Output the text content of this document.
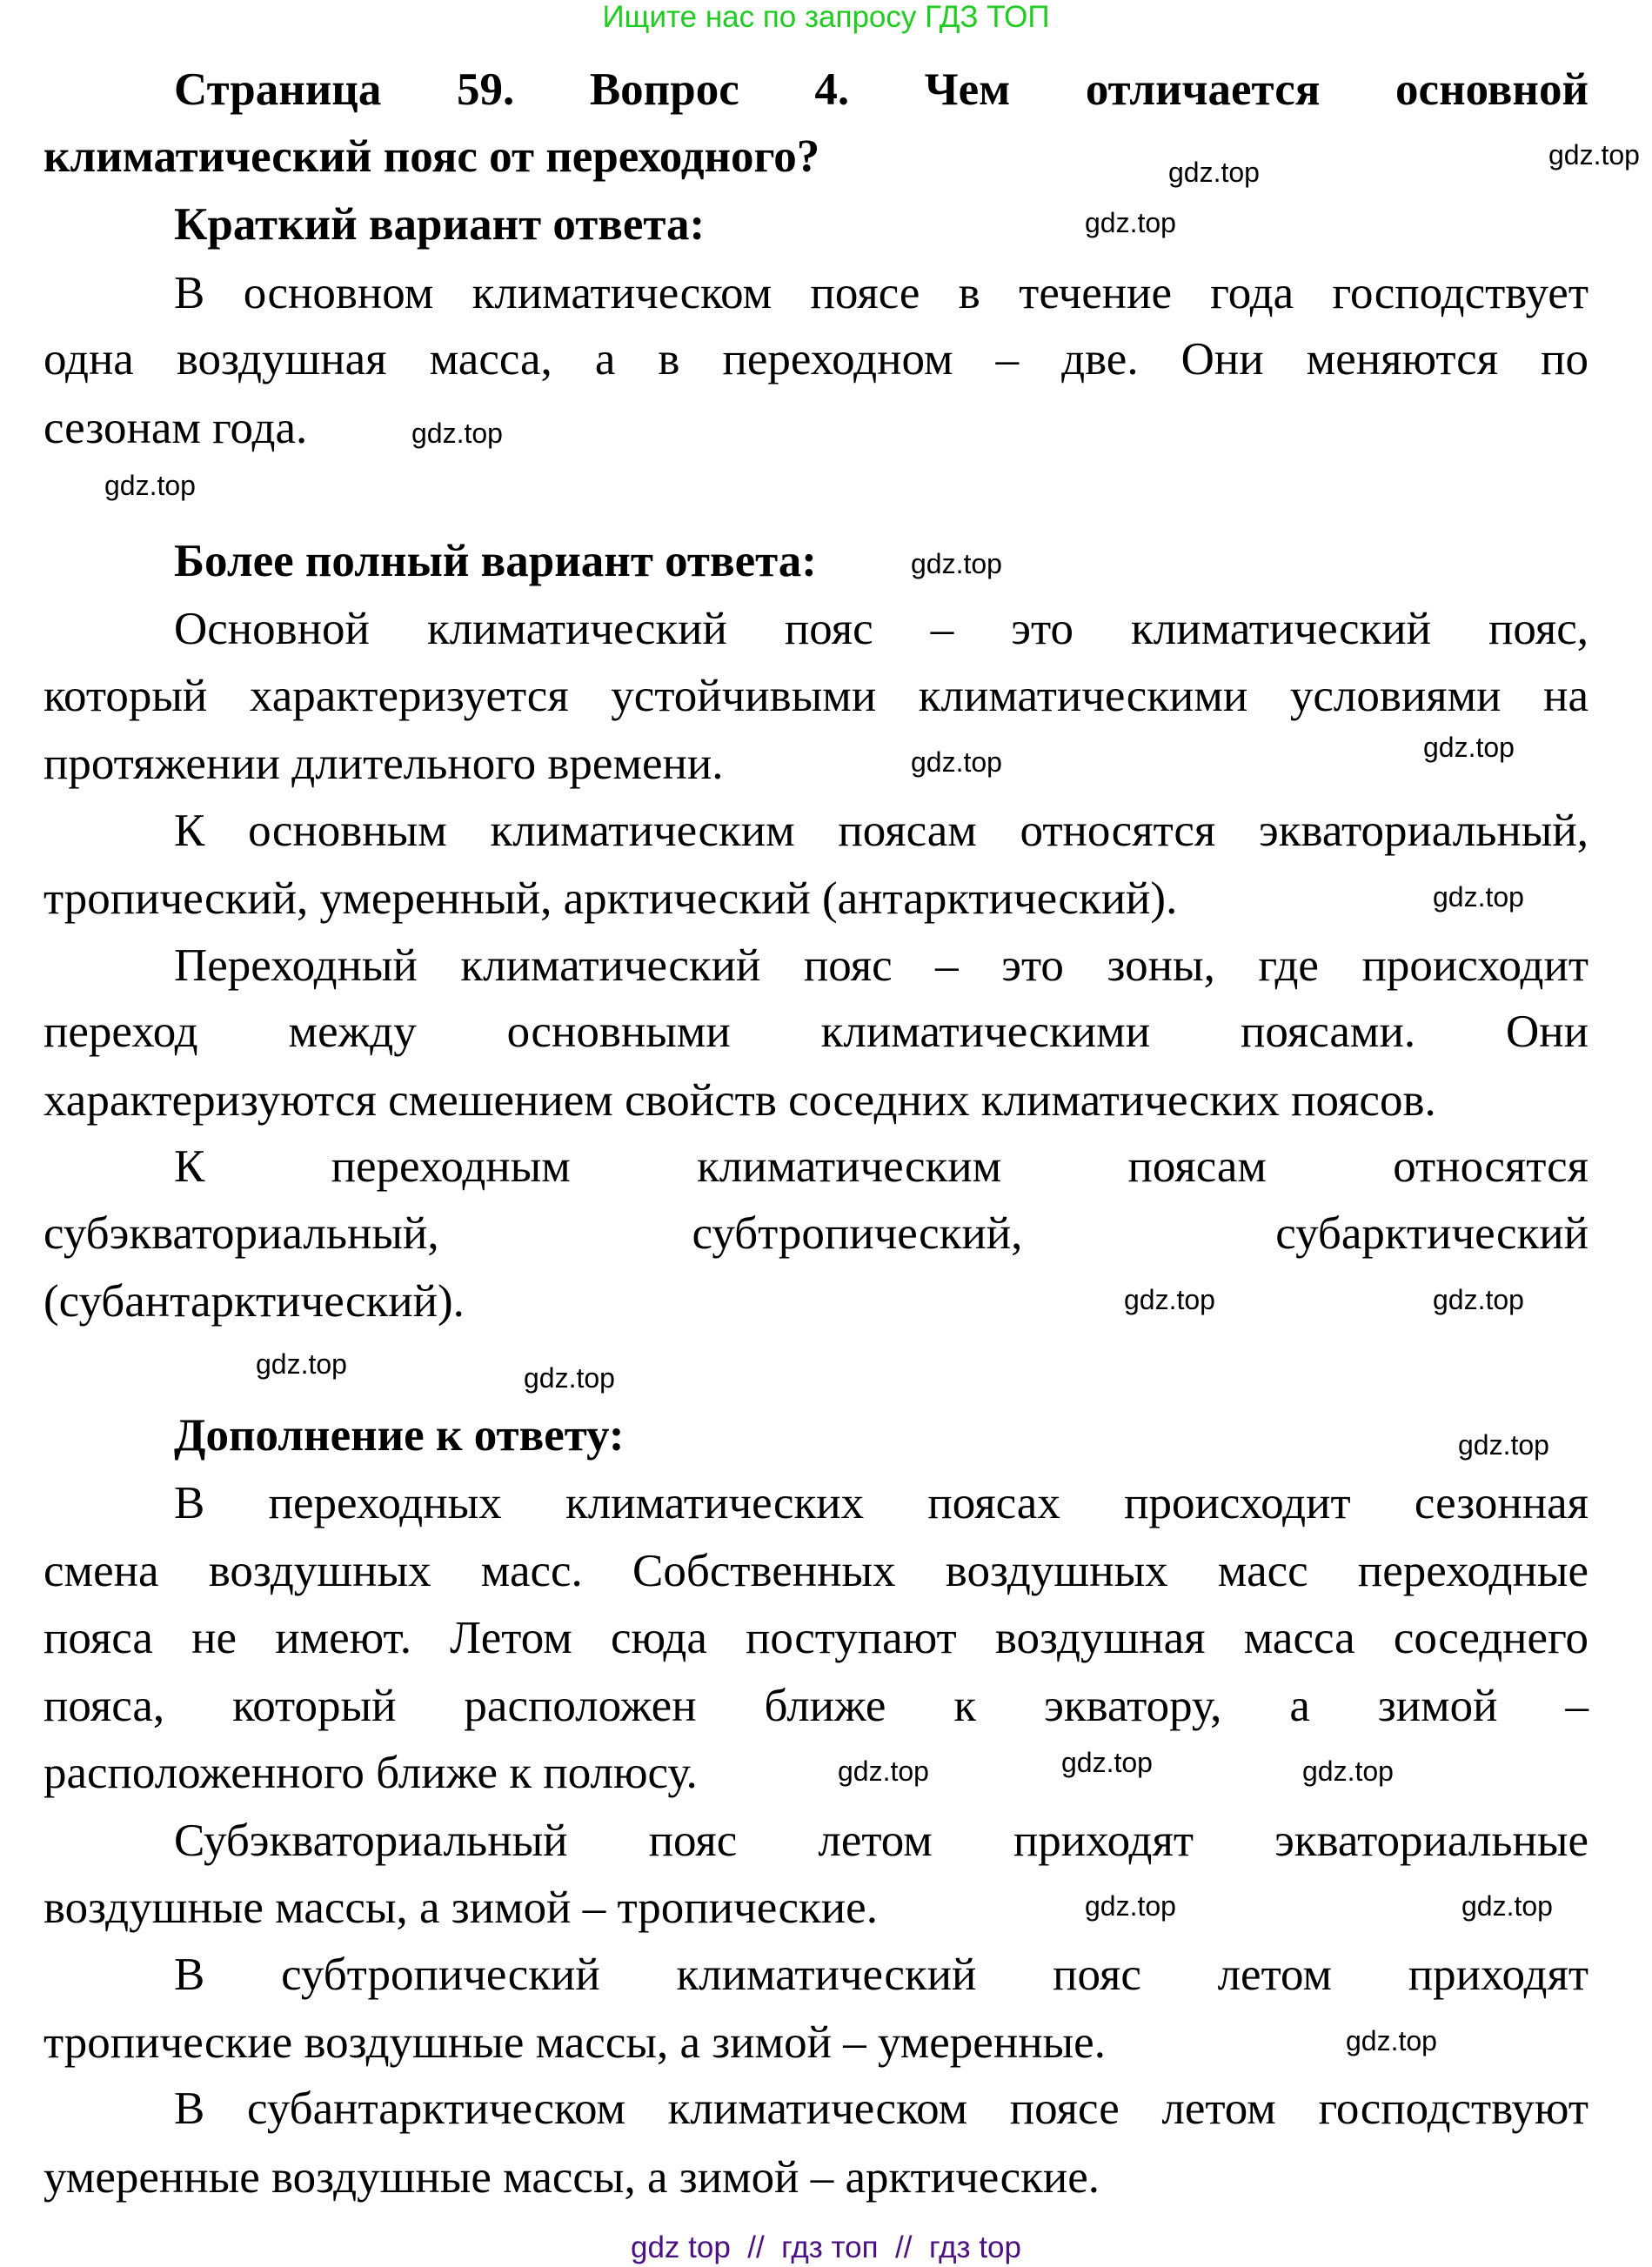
Ищите нас по запросу ГДЗ ТОП
Страница 59. Вопрос 4. Чем отличается основной
климатический пояс от переходного?
Краткий вариант ответа:
В основном климатическом поясе в течение года господствует
одна воздушная масса, а в переходном – две. Они меняются по
сезонам года.
Более полный вариант ответа:
Основной климатический пояс – это климатический пояс,
который характеризуется устойчивыми климатическими условиями на
протяжении длительного времени.
К основным климатическим поясам относятся экваториальный,
тропический, умеренный, арктический (антарктический).
Переходный климатический пояс – это зоны, где происходит
переход между основными климатическими поясами. Они
характеризуются смешением свойств соседних климатических поясов.
К переходным климатическим поясам относятся
субэкваториальный, субтропический, субарктический
(субантарктический).
Дополнение к ответу:
В переходных климатических поясах происходит сезонная
смена воздушных масс. Собственных воздушных масс переходные
пояса не имеют. Летом сюда поступают воздушная масса соседнего
пояса, который расположен ближе к экватору, а зимой –
расположенного ближе к полюсу.
Субэкваториальный пояс летом приходят экваториальные
воздушные массы, а зимой – тропические.
В субтропический климатический пояс летом приходят
тропические воздушные массы, а зимой – умеренные.
В субантарктическом климатическом поясе летом господствуют
умеренные воздушные массы, а зимой – арктические.
gdz.top
gdz.top
gdz.top
gdz.top
gdz.top
gdz.top
gdz.top
gdz.top
gdz.top
gdz.top
gdz.top
gdz.top	gdz.top
gdz.top
gdz.top
gdz.top
gdz.top
gdz.top
gdz.top
gdz.top
gdz top  //  гдз топ  //  гдз top
